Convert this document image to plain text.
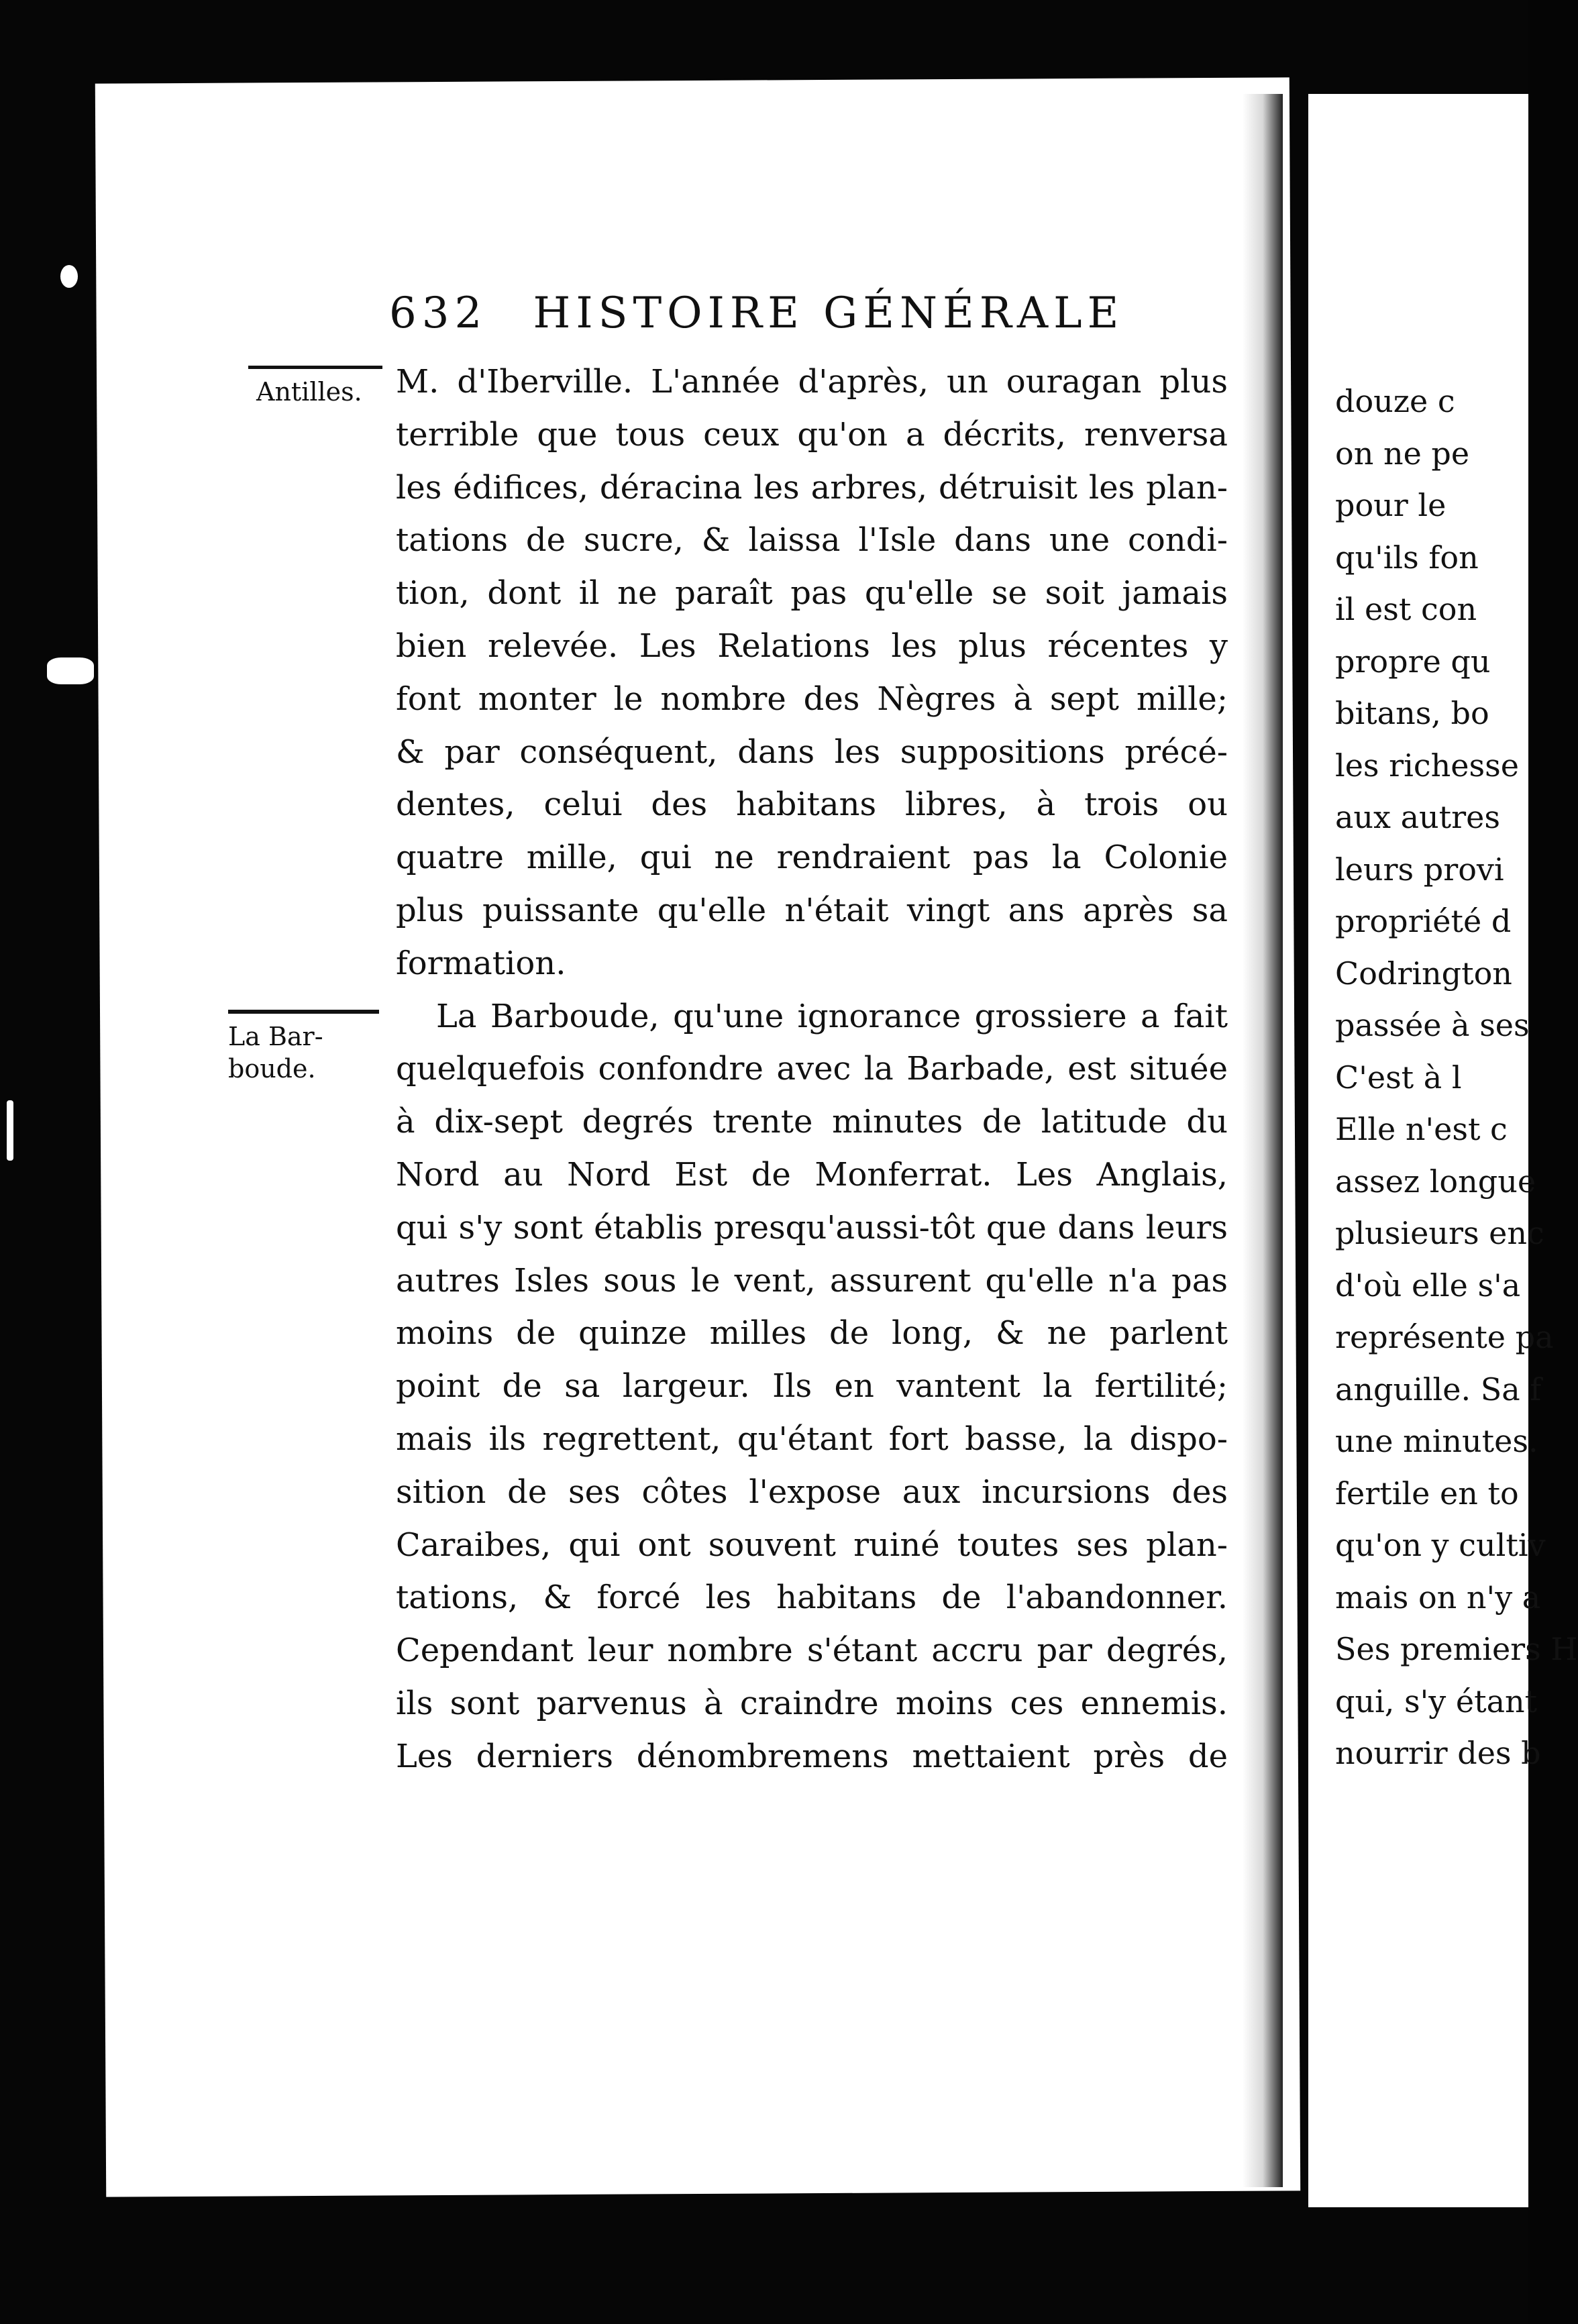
632 HISTOIRE GÉNÉRALE
Antilles.
La Bar-
boude.
M. d'Iberville. L'année d'après, un ouragan plus
terrible que tous ceux qu'on a décrits, renversa
les édifices, déracina les arbres, détruisit les plan-
tations de sucre, & laissa l'Isle dans une condi-
tion, dont il ne paraît pas qu'elle se soit jamais
bien relevée. Les Relations les plus récentes y
font monter le nombre des Nègres à sept mille;
& par conséquent, dans les suppositions précé-
dentes, celui des habitans libres, à trois ou
quatre mille, qui ne rendraient pas la Colonie
plus puissante qu'elle n'était vingt ans après sa
formation.
La Barboude, qu'une ignorance grossiere a fait
quelquefois confondre avec la Barbade, est située
à dix-sept degrés trente minutes de latitude du
Nord au Nord Est de Monferrat. Les Anglais,
qui s'y sont établis presqu'aussi-tôt que dans leurs
autres Isles sous le vent, assurent qu'elle n'a pas
moins de quinze milles de long, & ne parlent
point de sa largeur. Ils en vantent la fertilité;
mais ils regrettent, qu'étant fort basse, la dispo-
sition de ses côtes l'expose aux incursions des
Caraibes, qui ont souvent ruiné toutes ses plan-
tations, & forcé les habitans de l'abandonner.
Cependant leur nombre s'étant accru par degrés,
ils sont parvenus à craindre moins ces ennemis.
Les derniers dénombremens mettaient près de
douze c
on ne pe
pour le
qu'ils fon
il est con
propre qu
bitans, bo
les richesse
aux autres
leurs provi
propriété d
Codrington
passée à ses
C'est à l
Elle n'est c
assez longue
plusieurs enc
d'où elle s'a
représente pa
anguille. Sa f
une minutes.
fertile en to
qu'on y cultiv
mais on n'y a
Ses premiers H
qui, s'y étant
nourrir des b
